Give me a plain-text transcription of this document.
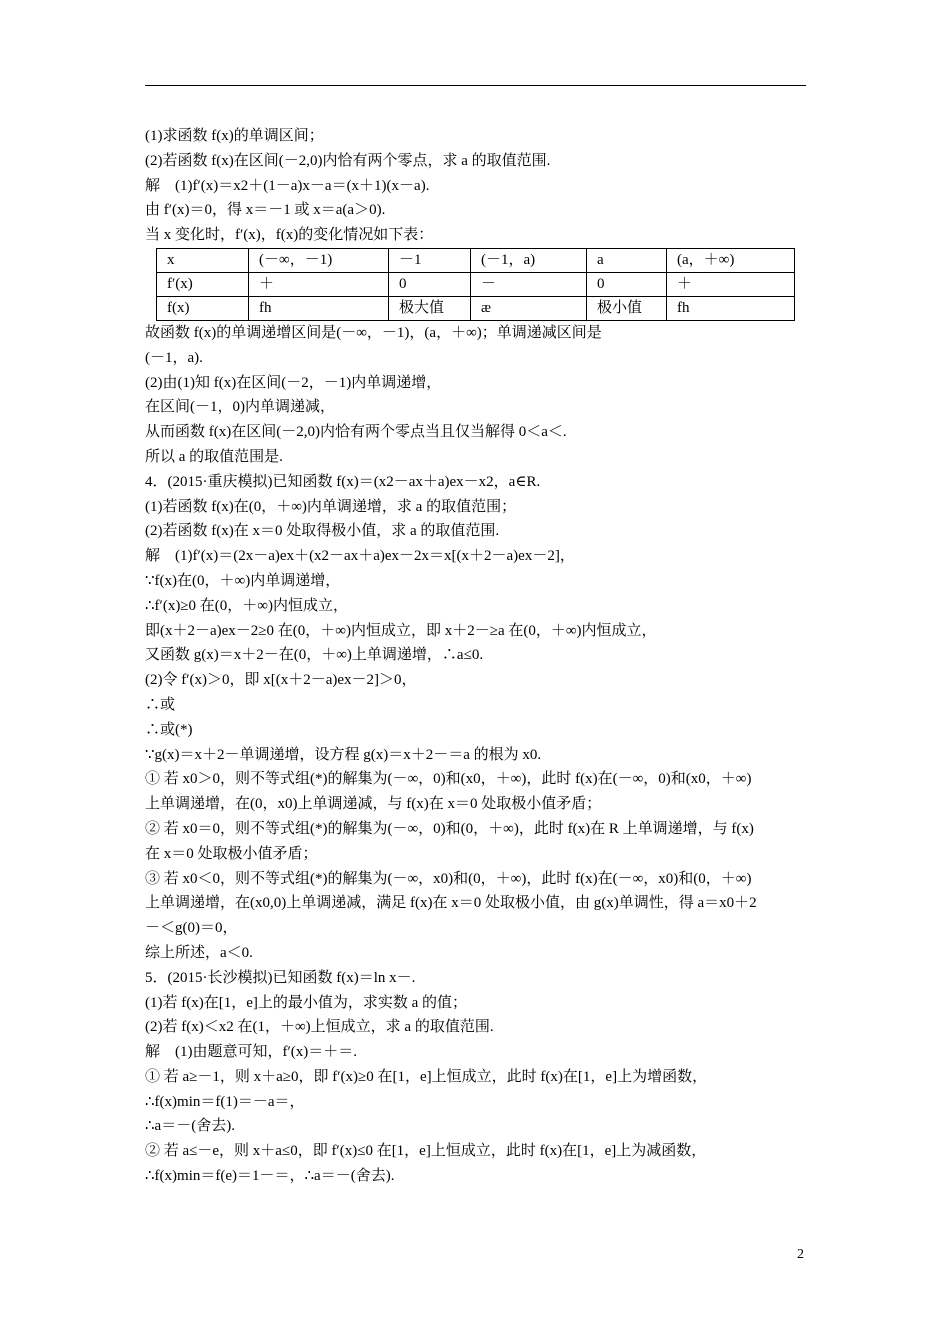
(1)求函数 f(x)的单调区间；
(2)若函数 f(x)在区间(－2,0)内恰有两个零点，求 a 的取值范围.
解　(1)f′(x)＝x2＋(1－a)x－a＝(x＋1)(x－a).
由 f′(x)＝0，得 x＝－1 或 x＝a(a＞0).
当 x 变化时，f′(x)，f(x)的变化情况如下表：
x	(－∞，－1)	－1	(－1，a)	a	(a，＋∞)
f′(x)	＋	0	－	0	＋
f(x)	fh	极大值	æ	极小值	fh
故函数 f(x)的单调递增区间是(－∞，－1)，(a，＋∞)；单调递减区间是
(－1，a).
(2)由(1)知 f(x)在区间(－2，－1)内单调递增，
在区间(－1，0)内单调递减，
从而函数 f(x)在区间(－2,0)内恰有两个零点当且仅当解得 0＜a＜.
所以 a 的取值范围是.
4．(2015·重庆模拟)已知函数 f(x)＝(x2－ax＋a)ex－x2，a∈R.
(1)若函数 f(x)在(0，＋∞)内单调递增，求 a 的取值范围；
(2)若函数 f(x)在 x＝0 处取得极小值，求 a 的取值范围.
解　(1)f′(x)＝(2x－a)ex＋(x2－ax＋a)ex－2x＝x[(x＋2－a)ex－2]，
∵f(x)在(0，＋∞)内单调递增，
∴f′(x)≥0 在(0，＋∞)内恒成立，
即(x＋2－a)ex－2≥0 在(0，＋∞)内恒成立，即 x＋2－≥a 在(0，＋∞)内恒成立，
又函数 g(x)＝x＋2－在(0，＋∞)上单调递增，∴a≤0.
(2)令 f′(x)＞0，即 x[(x＋2－a)ex－2]＞0，
∴或
∴或(*)
∵g(x)＝x＋2－单调递增，设方程 g(x)＝x＋2－＝a 的根为 x0.
① 若 x0＞0，则不等式组(*)的解集为(－∞，0)和(x0，＋∞)，此时 f(x)在(－∞，0)和(x0，＋∞)
上单调递增，在(0，x0)上单调递减，与 f(x)在 x＝0 处取极小值矛盾；
② 若 x0＝0，则不等式组(*)的解集为(－∞，0)和(0，＋∞)，此时 f(x)在 R 上单调递增，与 f(x)
在 x＝0 处取极小值矛盾；
③ 若 x0＜0，则不等式组(*)的解集为(－∞，x0)和(0，＋∞)，此时 f(x)在(－∞，x0)和(0，＋∞)
上单调递增，在(x0,0)上单调递减，满足 f(x)在 x＝0 处取极小值，由 g(x)单调性，得 a＝x0＋2
－＜g(0)＝0，
综上所述，a＜0.
5．(2015·长沙模拟)已知函数 f(x)＝ln x－.
(1)若 f(x)在[1，e]上的最小值为，求实数 a 的值；
(2)若 f(x)＜x2 在(1，＋∞)上恒成立，求 a 的取值范围.
解　(1)由题意可知，f′(x)＝＋＝.
① 若 a≥－1，则 x＋a≥0，即 f′(x)≥0 在[1，e]上恒成立，此时 f(x)在[1，e]上为增函数，
∴f(x)min＝f(1)＝－a＝，
∴a＝－(舍去).
② 若 a≤－e，则 x＋a≤0，即 f′(x)≤0 在[1，e]上恒成立，此时 f(x)在[1，e]上为减函数，
∴f(x)min＝f(e)＝1－＝，∴a＝－(舍去).
2
